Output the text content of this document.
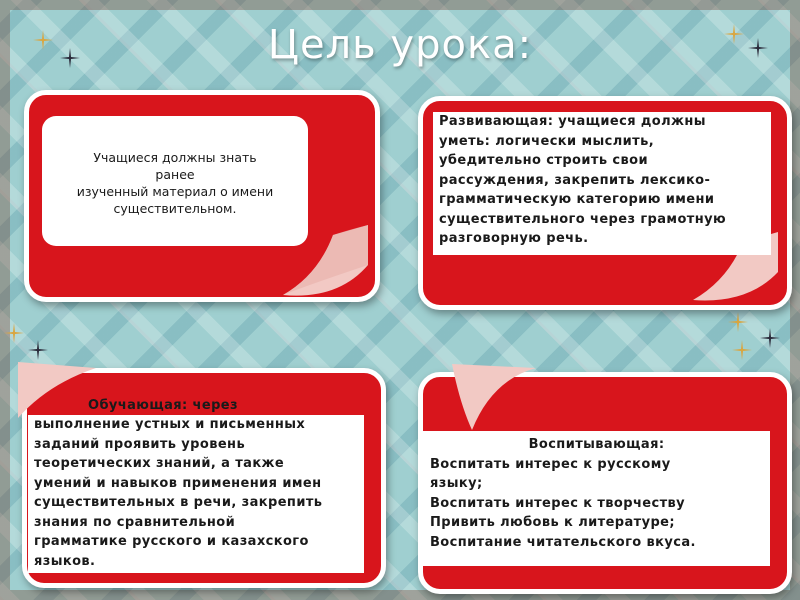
Цель урока:
Учащиеся должны знать
ранее
изученный материал о имени
существительном.
Развивающая: учащиеся должны
уметь: логически мыслить,
убедительно строить свои
рассуждения, закрепить лексико-
грамматическую категорию имени
существительного через грамотную
разговорную речь.
Обучающая: через
выполнение устных и письменных
заданий проявить уровень
теоретических знаний, а также
умений и навыков применения имен
существительных в речи, закрепить
знания по сравнительной
грамматике русского и казахского
языков.
Воспитывающая:
Воспитать интерес к русскому
языку;
Воспитать интерес к творчеству
Привить любовь к литературе;
Воспитание читательского вкуса.
